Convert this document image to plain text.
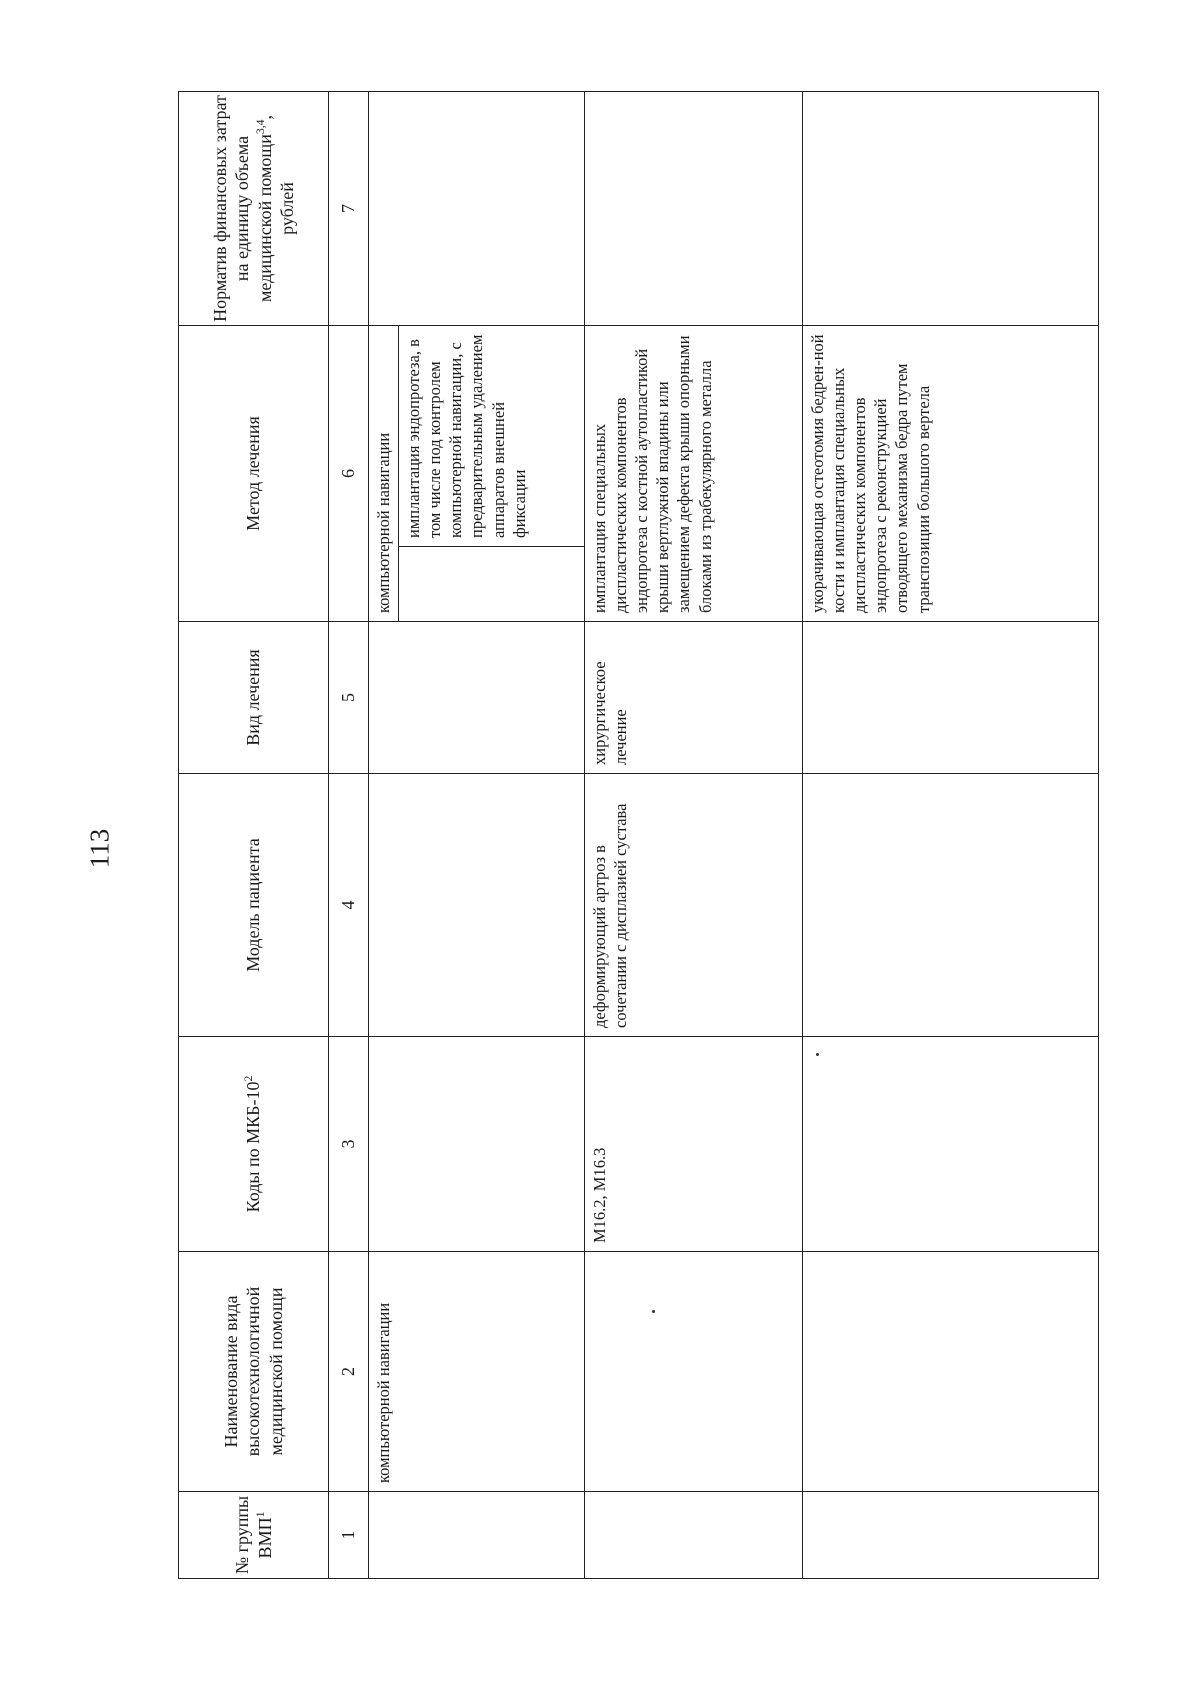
113
№ группы ВМП$^1$	Наименование вида высокотехнологичной медицинской помощи	Коды по МКБ-$10^2$	Модель пациента	Вид лечения	Метод лечения	Норматив финансовых затрат на единицу объема медицинской помощи$^{3,4}$, рублей
1	2	3	4	5	6	7

	компьютерной навигации				компьютерной навигации имплантация эндопротеза, в том числе под контролем компьютерной навигации, с предварительным удалением аппаратов внешней фиксации	

		M16.2, M16.3	деформирующий артроз в сочетании с дисплазией сустава	хирургическое лечение	имплантация специальных диспластических компонентов эндопротеза с костной аутопластикой крыши вертлужной впадины или замещением дефекта крыши опорными блоками из трабекулярного металла	

					укорачивающая остеотомия бедрен-ной кости и имплантация специальных диспластических компонентов эндопротеза с реконструкцией отводящего механизма бедра путем транспозиции большого вертела	
